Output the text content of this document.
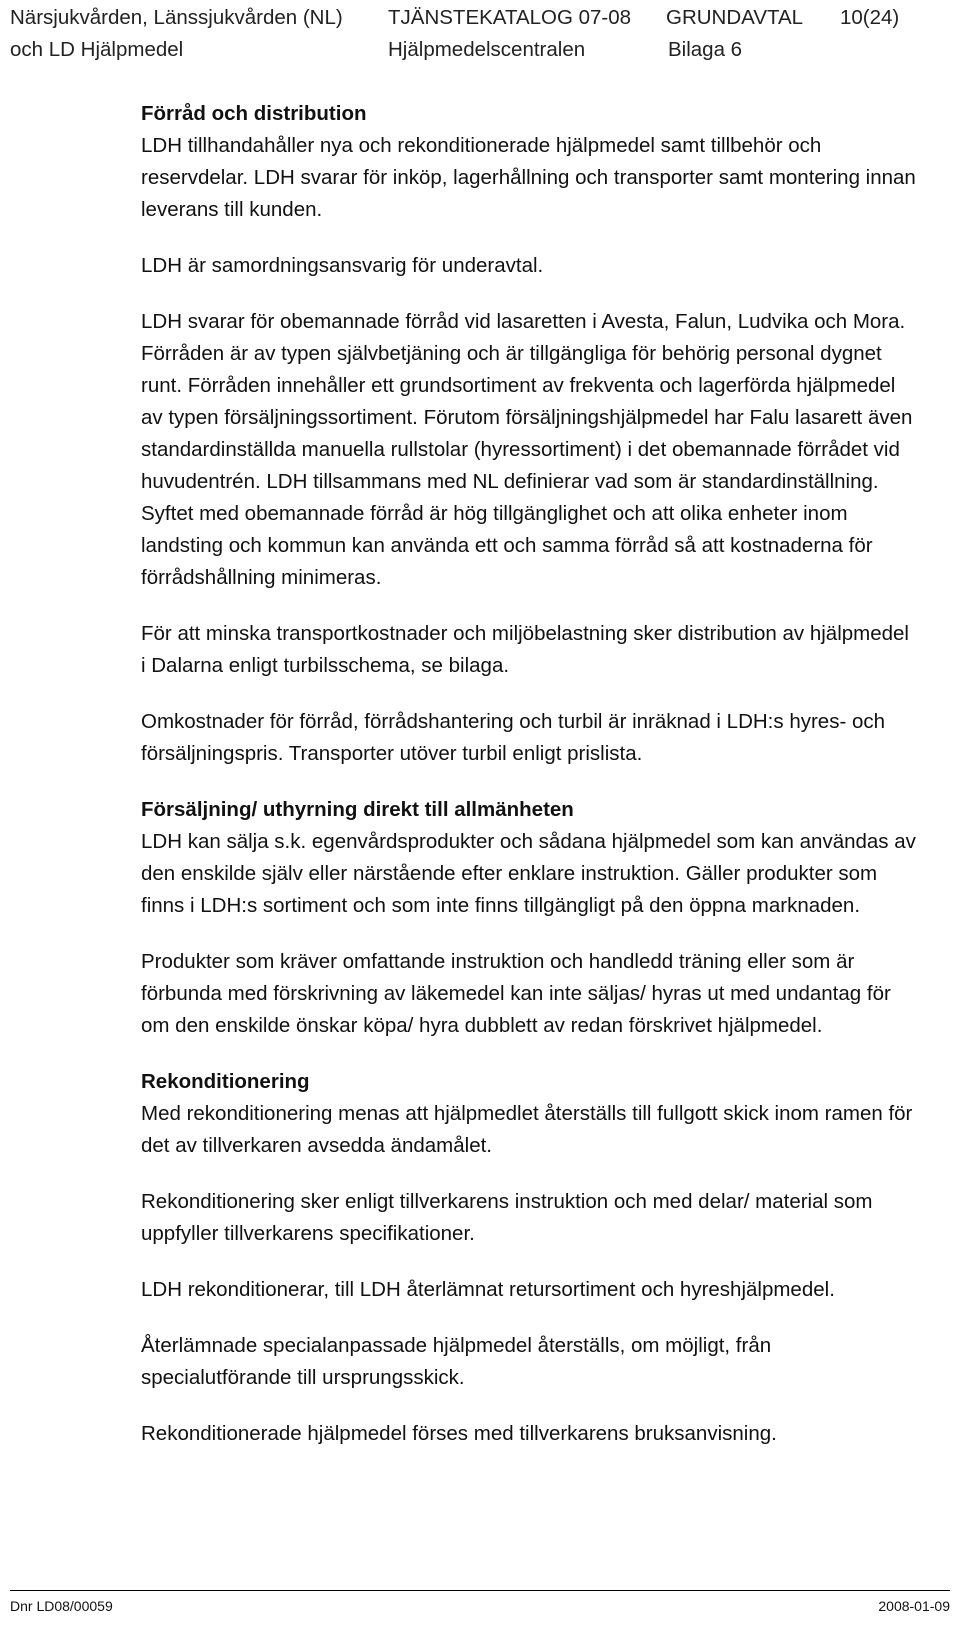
Närsjukvården, Länssjukvården (NL) TJÄNSTEKATALOG 07-08 GRUNDAVTAL 10(24)
och LD Hjälpmedel	Hjälpmedelscentralen	Bilaga 6
Förråd och distribution

LDH tillhandahåller nya och rekonditionerade hjälpmedel samt tillbehör och reservdelar. LDH svarar för inköp, lagerhållning och transporter samt montering innan leverans till kunden.

LDH är samordningsansvarig för underavtal.

LDH svarar för obemannade förråd vid lasaretten i Avesta, Falun, Ludvika och Mora. Förråden är av typen självbetjäning och är tillgängliga för behörig personal dygnet runt. Förråden innehåller ett grundsortiment av frekventa och lagerförda hjälpmedel av typen försäljningssortiment. Förutom försäljningshjälpmedel har Falu lasarett även standardinställda manuella rullstolar (hyressortiment) i det obemannade förrådet vid huvudentrén. LDH tillsammans med NL definierar vad som är standardinställning. Syftet med obemannade förråd är hög tillgänglighet och att olika enheter inom landsting och kommun kan använda ett och samma förråd så att kostnaderna för förrådshållning minimeras.

För att minska transportkostnader och miljöbelastning sker distribution av hjälpmedel i Dalarna enligt turbilsschema, se bilaga.

Omkostnader för förråd, förrådshantering och turbil är inräknad i LDH:s hyres- och försäljningspris. Transporter utöver turbil enligt prislista.

Försäljning/ uthyrning direkt till allmänheten

LDH kan sälja s.k. egenvårdsprodukter och sådana hjälpmedel som kan användas av den enskilde själv eller närstående efter enklare instruktion. Gäller produkter som finns i LDH:s sortiment och som inte finns tillgängligt på den öppna marknaden.

Produkter som kräver omfattande instruktion och handledd träning eller som är förbunda med förskrivning av läkemedel kan inte säljas/ hyras ut med undantag för om den enskilde önskar köpa/ hyra dubblett av redan förskrivet hjälpmedel.

Rekonditionering

Med rekonditionering menas att hjälpmedlet återställs till fullgott skick inom ramen för det av tillverkaren avsedda ändamålet.

Rekonditionering sker enligt tillverkarens instruktion och med delar/ material som uppfyller tillverkarens specifikationer.

LDH rekonditionerar, till LDH återlämnat retursortiment och hyreshjälpmedel.

Återlämnade specialanpassade hjälpmedel återställs, om möjligt, från specialutförande till ursprungsskick.

Rekonditionerade hjälpmedel förses med tillverkarens bruksanvisning.

Dnr LD08/00059	2008-01-09
